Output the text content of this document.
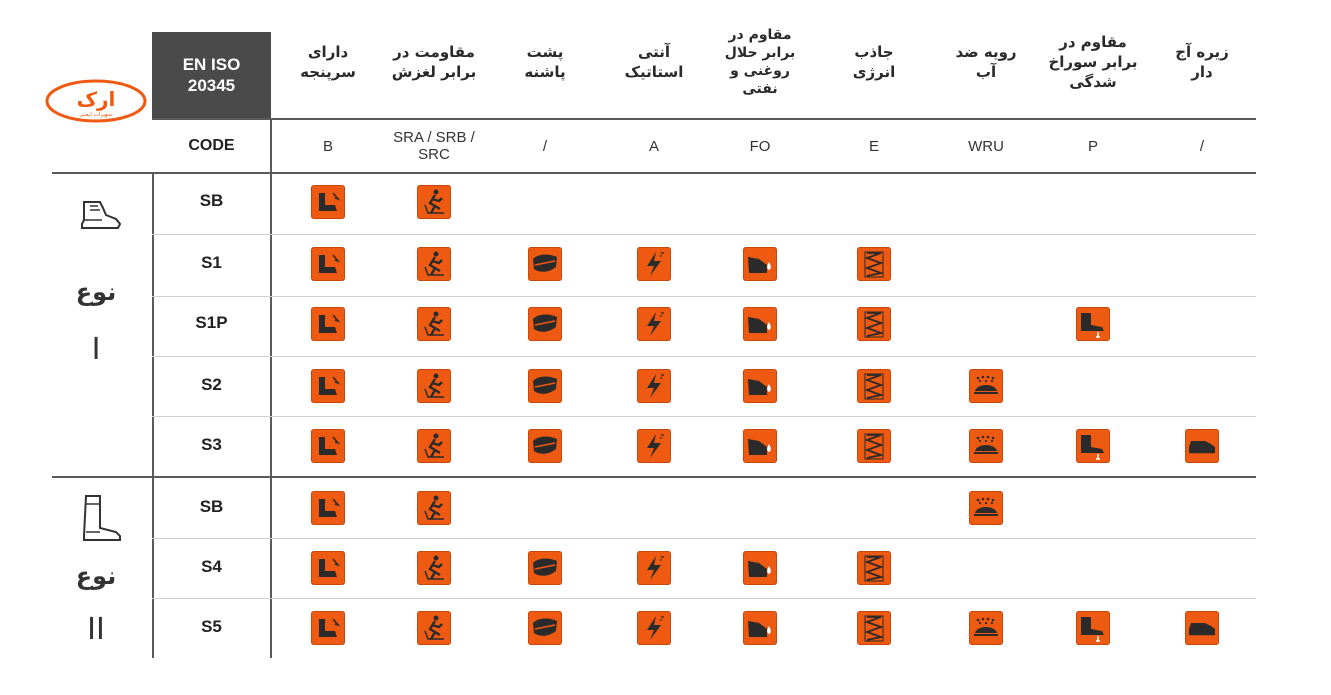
ارک
تجهیزات ایمنی
EN ISO
20345
CODE
دارای
سرپنجه
B
مقاومت در
برابر لغزش
SRA / SRB /
SRC
پشت
پاشنه
/
آنتی
استاتیک
A
مقاوم در
برابر حلال
روغنی و
نفتی
FO
جاذب
انرژی
E
رویه ضد
آب
WRU
مقاوم در
برابر سوراخ
شدگی
P
زیره آج
دار
/
SB
S1
S1P
S2
S3
SB
S4
S5
نوع
I
نوع
II
